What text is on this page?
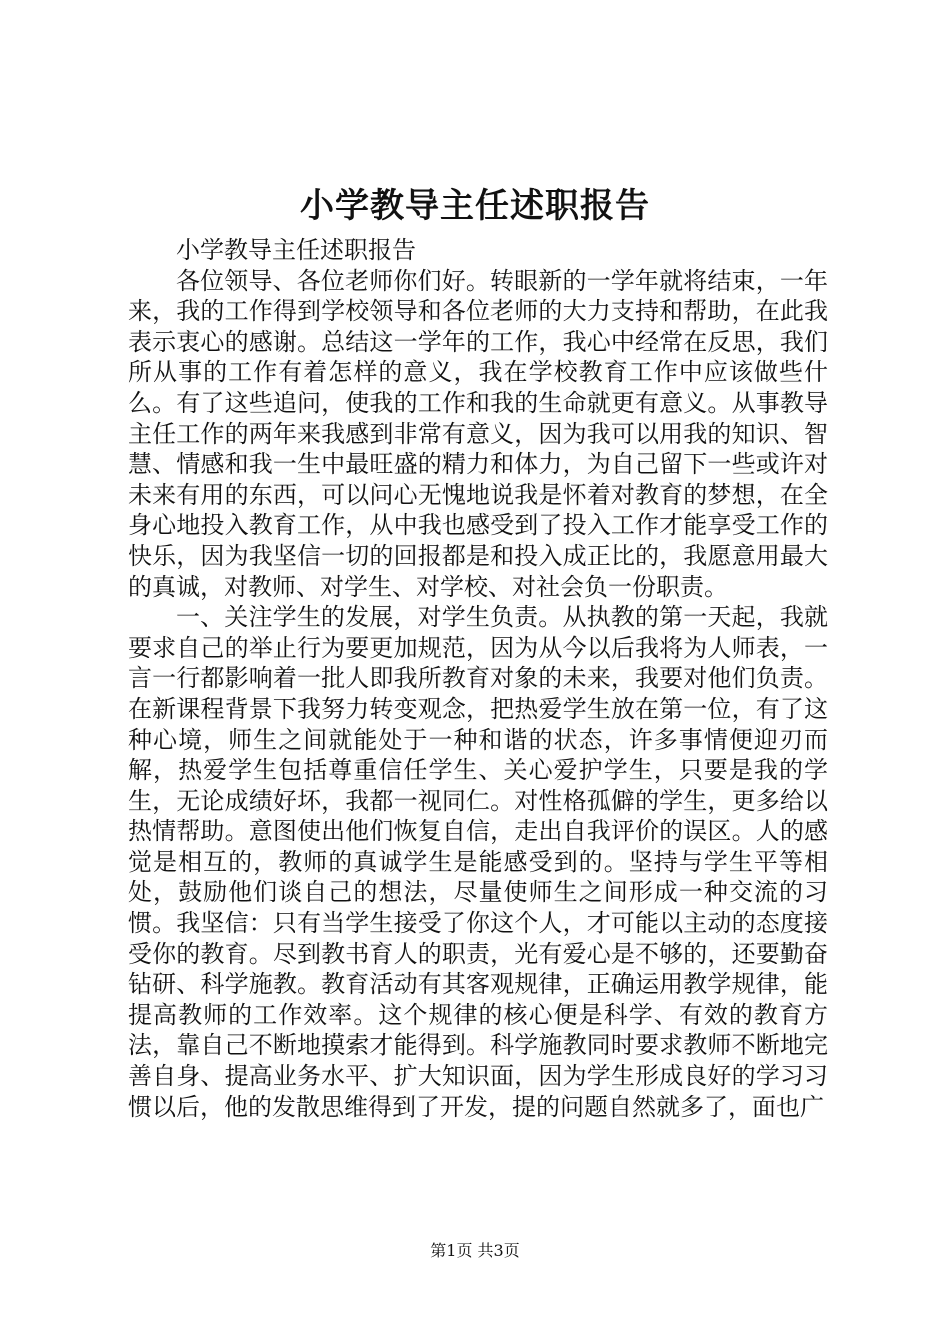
小学教导主任述职报告

小学教导主任述职报告

各位领导、各位老师你们好。转眼新的一学年就将结束，一年来，我的工作得到学校领导和各位老师的大力支持和帮助，在此我表示衷心的感谢。总结这一学年的工作，我心中经常在反思，我们所从事的工作有着怎样的意义，我在学校教育工作中应该做些什么。有了这些追问，使我的工作和我的生命就更有意义。从事教导主任工作的两年来我感到非常有意义，因为我可以用我的知识、智慧、情感和我一生中最旺盛的精力和体力，为自己留下一些或许对未来有用的东西，可以问心无愧地说我是怀着对教育的梦想，在全身心地投入教育工作，从中我也感受到了投入工作才能享受工作的快乐，因为我坚信一切的回报都是和投入成正比的，我愿意用最大的真诚，对教师、对学生、对学校、对社会负一份职责。

一、关注学生的发展，对学生负责。从执教的第一天起，我就要求自己的举止行为要更加规范，因为从今以后我将为人师表，一言一行都影响着一批人即我所教育对象的未来，我要对他们负责。在新课程背景下我努力转变观念，把热爱学生放在第一位，有了这种心境，师生之间就能处于一种和谐的状态，许多事情便迎刃而解，热爱学生包括尊重信任学生、关心爱护学生，只要是我的学生，无论成绩好坏，我都一视同仁。对性格孤僻的学生，更多给以热情帮助。意图使出他们恢复自信，走出自我评价的误区。人的感觉是相互的，教师的真诚学生是能感受到的。坚持与学生平等相处，鼓励他们谈自己的想法，尽量使师生之间形成一种交流的习惯。我坚信：只有当学生接受了你这个人，才可能以主动的态度接受你的教育。尽到教书育人的职责，光有爱心是不够的，还要勤奋钻研、科学施教。教育活动有其客观规律，正确运用教学规律，能提高教师的工作效率。这个规律的核心便是科学、有效的教育方法，靠自己不断地摸索才能得到。科学施教同时要求教师不断地完善自身、提高业务水平、扩大知识面，因为学生形成良好的学习习惯以后，他的发散思维得到了开发，提的问题自然就多了，面也广

第1页 共3页
